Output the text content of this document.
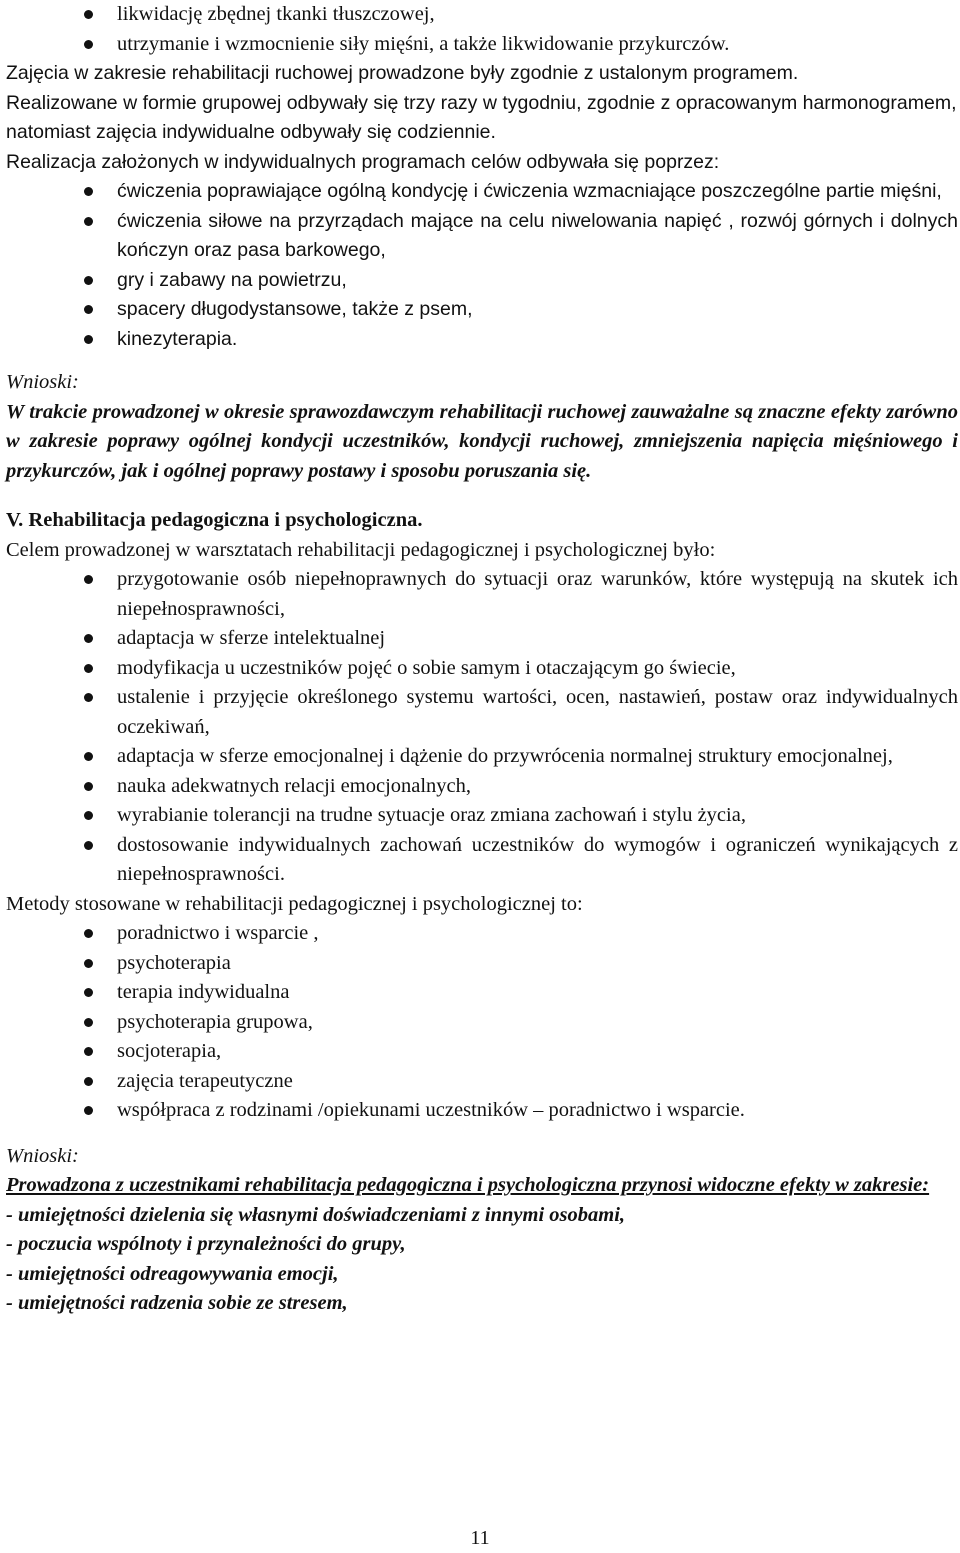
likwidację zbędnej tkanki tłuszczowej,
utrzymanie i wzmocnienie siły mięśni, a także likwidowanie przykurczów.

Zajęcia w zakresie rehabilitacji ruchowej prowadzone były zgodnie z ustalonym programem.

Realizowane w formie grupowej odbywały się trzy razy w tygodniu, zgodnie z opracowanym harmonogramem, natomiast zajęcia indywidualne odbywały się codziennie.

Realizacja założonych w indywidualnych programach celów odbywała się poprzez:

ćwiczenia poprawiające ogólną kondycję i ćwiczenia wzmacniające poszczególne partie mięśni,
ćwiczenia siłowe na przyrządach mające na celu niwelowania napięć , rozwój górnych i dolnych kończyn oraz pasa barkowego,
gry i zabawy na powietrzu,
spacery długodystansowe, także z psem,
kinezyterapia.

Wnioski:

W trakcie prowadzonej w okresie sprawozdawczym rehabilitacji ruchowej zauważalne są znaczne efekty zarówno w zakresie poprawy ogólnej kondycji uczestników, kondycji ruchowej, zmniejszenia napięcia mięśniowego i przykurczów, jak i ogólnej poprawy postawy i sposobu poruszania się.

V. Rehabilitacja pedagogiczna i psychologiczna.

Celem prowadzonej w warsztatach rehabilitacji pedagogicznej i psychologicznej było:

przygotowanie osób niepełnoprawnych do sytuacji oraz warunków, które występują na skutek ich niepełnosprawności,
adaptacja w sferze intelektualnej
modyfikacja u uczestników pojęć o sobie samym i otaczającym go świecie,
ustalenie i przyjęcie określonego systemu wartości, ocen, nastawień, postaw oraz indywidualnych oczekiwań,
adaptacja w sferze emocjonalnej i dążenie do przywrócenia normalnej struktury emocjonalnej,
nauka adekwatnych relacji emocjonalnych,
wyrabianie tolerancji na trudne sytuacje oraz zmiana zachowań i stylu życia,
dostosowanie indywidualnych zachowań uczestników do wymogów i ograniczeń wynikających z niepełnosprawności.

Metody stosowane w rehabilitacji pedagogicznej i psychologicznej to:

poradnictwo i wsparcie ,
psychoterapia
terapia indywidualna
psychoterapia grupowa,
socjoterapia,
zajęcia terapeutyczne
współpraca z rodzinami /opiekunami uczestników – poradnictwo i wsparcie.

Wnioski:

Prowadzona z uczestnikami rehabilitacja pedagogiczna i psychologiczna przynosi widoczne efekty w zakresie:

- umiejętności dzielenia się własnymi doświadczeniami z innymi osobami,

- poczucia wspólnoty i przynależności do grupy,

- umiejętności odreagowywania emocji,

- umiejętności radzenia sobie ze stresem,

11
